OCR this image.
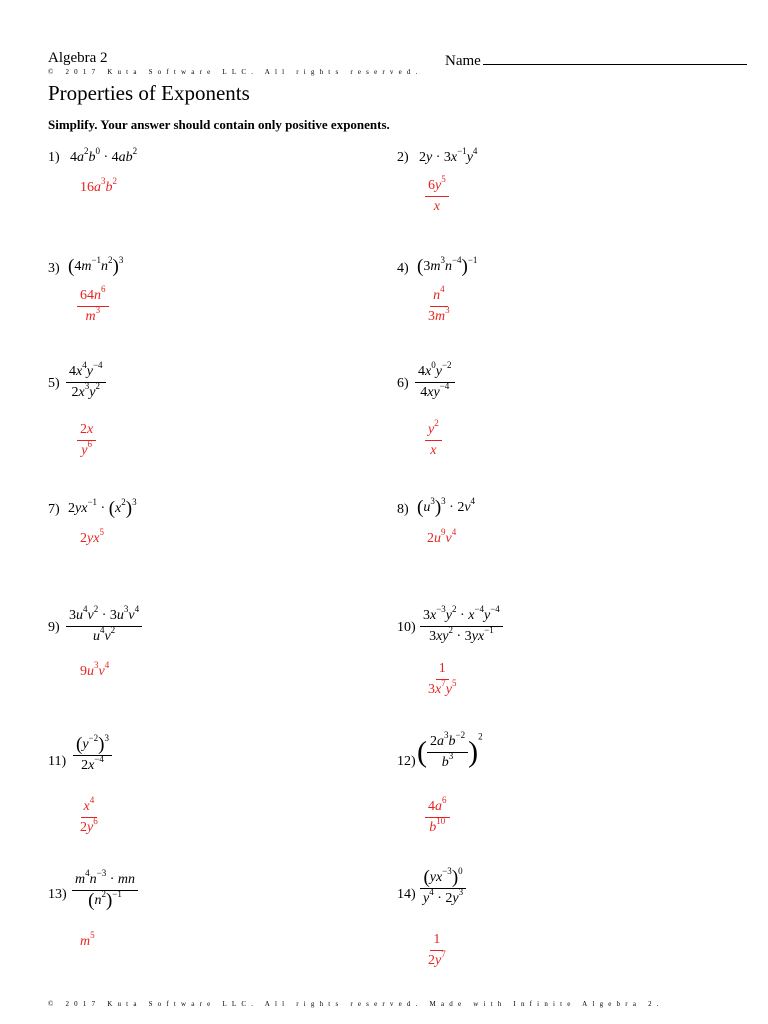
Algebra 2	Name
© 2017 Kuta Software LLC. All rights reserved.
Properties of Exponents
Simplify. Your answer should contain only positive exponents.
1) $4a^2b^0 \cdot 4ab^2$
$16a^3b^2$
2) $2y \cdot 3x^{-1}y^4$
$\frac{6y^5}{x}$
3) $(4m^{-1}n^2)^3$
$\frac{64n^6}{m^3}$
4) $(3m^3n^{-4})^{-1}$
$\frac{n^4}{3m^3}$
$5) \frac{4x^4y^{-4}}{2x^3y^2}$
$\frac{2x}{y^6}$
$6) \frac{4x^0y^{-2}}{4xy^{-4}}$
$\frac{y^2}{x}$
7) $2yx^{-1} \cdot (x^2)^3$
$2yx^5$
8) $(u^3)^3 \cdot 2v^4$
$2u^9v^4$
$9) \frac{3u^4v^2 \cdot 3u^3v^4}{u^4v^2}$
$9u^3v^4$
$10) \frac{3x^{-3}y^2 \cdot x^{-4}y^{-4}}{3xy^2 \cdot 3yx^{-1}}$
$\frac{1}{3x^7y^5}$
$11) \frac{(y^{-2})^3}{2x^{-4}}$
$\frac{x^4}{2y^6}$
12) ( $\frac{2a^3b^{-2}}{b^3} )^2$
$\frac{4a^6}{b^{10}}$
$13) \frac{m^4n^{-3} \cdot mn}{(n^2)^{-1}}$
$m^5$
$14) \frac{(yx^{-3})^0}{y^4 \cdot 2y^3}$
$\frac{1}{2y^7}$
© 2017 Kuta Software LLC. All rights reserved. Made with Infinite Algebra 2.
